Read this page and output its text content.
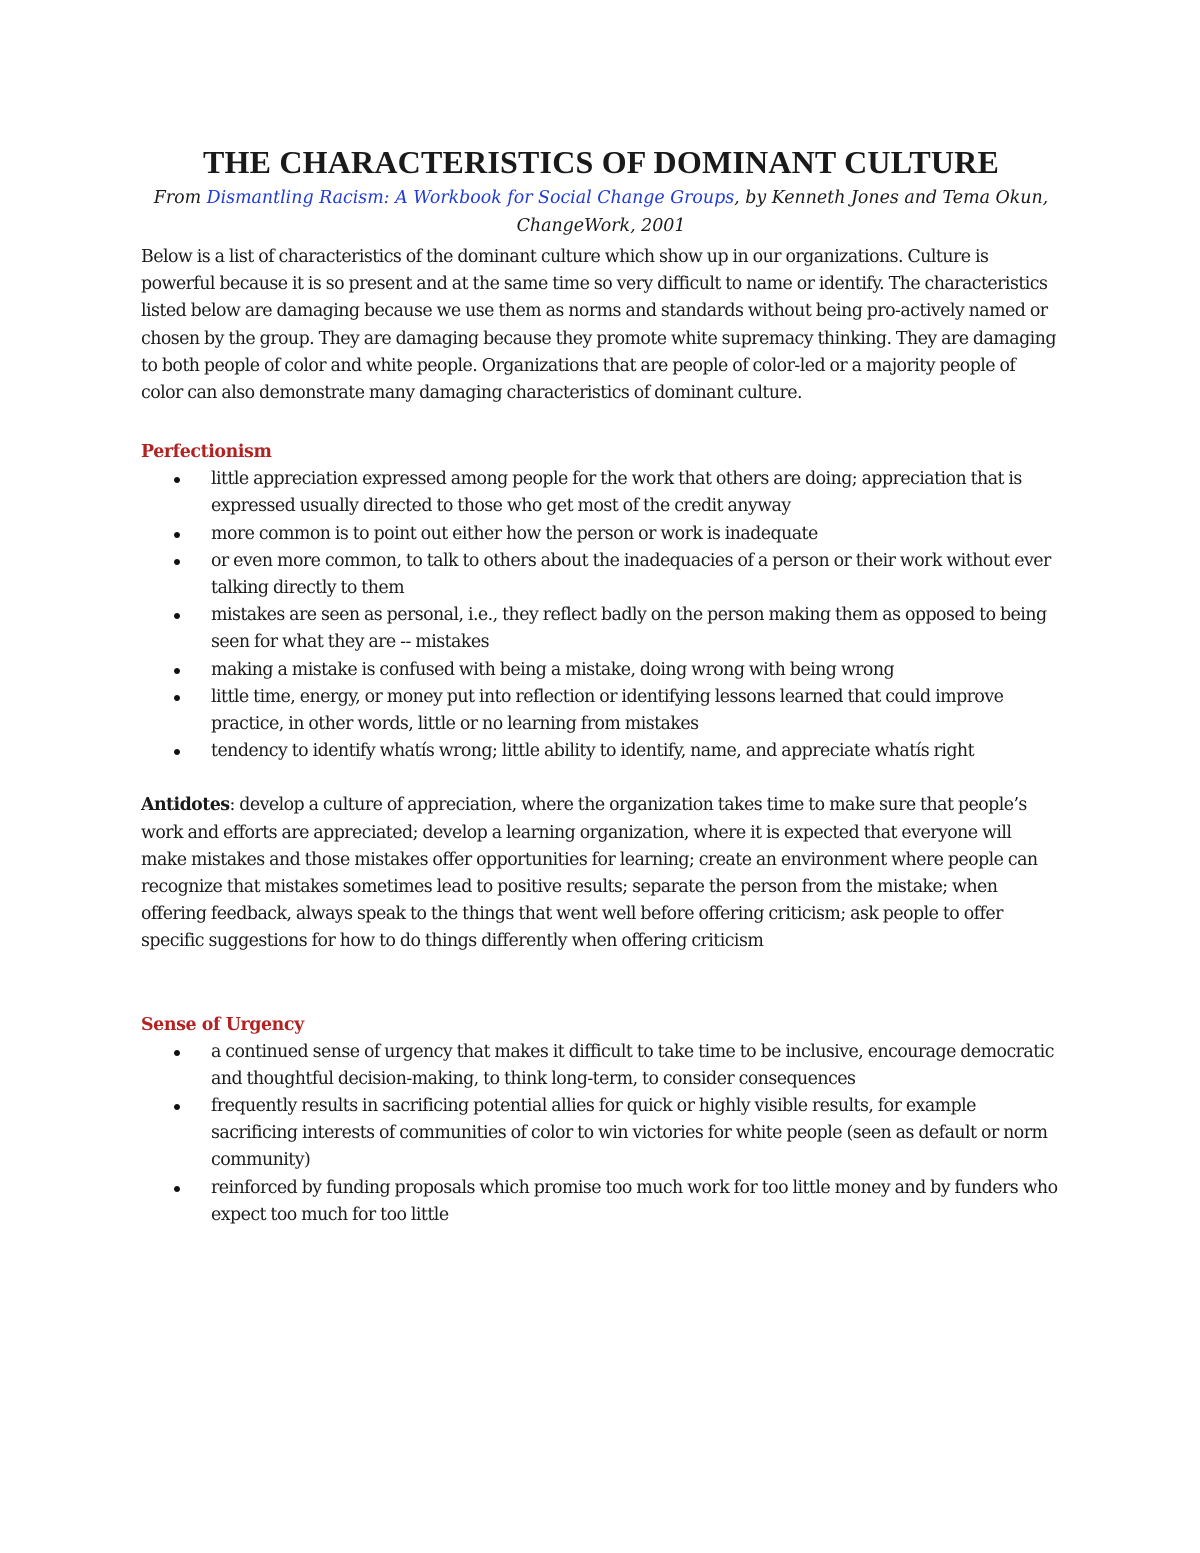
THE CHARACTERISTICS OF DOMINANT CULTURE

From Dismantling Racism: A Workbook for Social Change Groups, by Kenneth Jones and Tema Okun, ChangeWork, 2001

Below is a list of characteristics of the dominant culture which show up in our organizations. Culture is powerful because it is so present and at the same time so very difficult to name or identify. The characteristics listed below are damaging because we use them as norms and standards without being pro-actively named or chosen by the group. They are damaging because they promote white supremacy thinking. They are damaging to both people of color and white people. Organizations that are people of color-led or a majority people of color can also demonstrate many damaging characteristics of dominant culture.

Perfectionism
little appreciation expressed among people for the work that others are doing; appreciation that is expressed usually directed to those who get most of the credit anyway
more common is to point out either how the person or work is inadequate
or even more common, to talk to others about the inadequacies of a person or their work without ever talking directly to them
mistakes are seen as personal, i.e., they reflect badly on the person making them as opposed to being seen for what they are -- mistakes
making a mistake is confused with being a mistake, doing wrong with being wrong
little time, energy, or money put into reflection or identifying lessons learned that could improve practice, in other words, little or no learning from mistakes
tendency to identify whatís wrong; little ability to identify, name, and appreciate whatís right

Antidotes: develop a culture of appreciation, where the organization takes time to make sure that people’s work and efforts are appreciated; develop a learning organization, where it is expected that everyone will make mistakes and those mistakes offer opportunities for learning; create an environment where people can recognize that mistakes sometimes lead to positive results; separate the person from the mistake; when offering feedback, always speak to the things that went well before offering criticism; ask people to offer specific suggestions for how to do things differently when offering criticism

Sense of Urgency
a continued sense of urgency that makes it difficult to take time to be inclusive, encourage democratic and thoughtful decision-making, to think long-term, to consider consequences
frequently results in sacrificing potential allies for quick or highly visible results, for example sacrificing interests of communities of color to win victories for white people (seen as default or norm community)
reinforced by funding proposals which promise too much work for too little money and by funders who expect too much for too little
